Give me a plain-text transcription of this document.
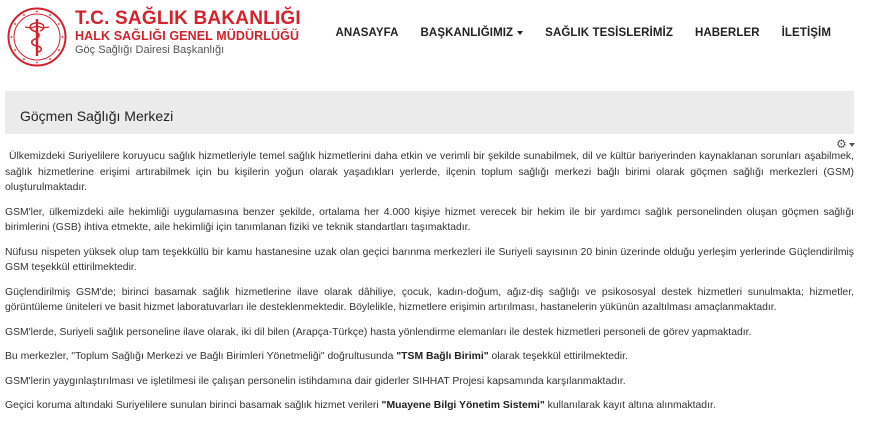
T.C. SAĞLIK BAKANLIĞI
HALK SAĞLIĞI GENEL MÜDÜRLÜĞÜ
Göç Sağlığı Dairesi Başkanlığı
ANASAYFA	BAŞKANLIĞIMIZ	SAĞLIK TESİSLERİMİZ	HABERLER	İLETİŞİM
Göçmen Sağlığı Merkezi
⚙

Ülkemizdeki Suriyelilere koruyucu sağlık hizmetleriyle temel sağlık hizmetlerini daha etkin ve verimli bir şekilde sunabilmek, dil ve kültür bariyerinden kaynaklanan sorunları aşabilmek, sağlık hizmetlerine erişimi artırabilmek için bu kişilerin yoğun olarak yaşadıkları yerlerde, ilçenin toplum sağlığı merkezi bağlı birimi olarak göçmen sağlığı merkezleri (GSM) oluşturulmaktadır.

GSM'ler, ülkemizdeki aile hekimliği uygulamasına benzer şekilde, ortalama her 4.000 kişiye hizmet verecek bir hekim ile bir yardımcı sağlık personelinden oluşan göçmen sağlığı birimlerini (GSB) ihtiva etmekte, aile hekimliği için tanımlanan fiziki ve teknik standartları taşımaktadır.

Nüfusu nispeten yüksek olup tam teşekküllü bir kamu hastanesine uzak olan geçici barınma merkezleri ile Suriyeli sayısının 20 binin üzerinde olduğu yerleşim yerlerinde Güçlendirilmiş GSM teşekkül ettirilmektedir.

Güçlendirilmiş GSM'de; birinci basamak sağlık hizmetlerine ilave olarak dâhiliye, çocuk, kadın-doğum, ağız-diş sağlığı ve psikososyal destek hizmetleri sunulmakta; hizmetler, görüntüleme üniteleri ve basit hizmet laboratuvarları ile desteklenmektedir. Böylelikle, hizmetlere erişimin artırılması, hastanelerin yükünün azaltılması amaçlanmaktadır.

GSM'lerde, Suriyeli sağlık personeline ilave olarak, iki dil bilen (Arapça-Türkçe) hasta yönlendirme elemanları ile destek hizmetleri personeli de görev yapmaktadır.

Bu merkezler, "Toplum Sağlığı Merkezi ve Bağlı Birimleri Yönetmeliği" doğrultusunda "TSM Bağlı Birimi" olarak teşekkül ettirilmektedir.

GSM'lerin yaygınlaştırılması ve işletilmesi ile çalışan personelin istihdamına dair giderler SIHHAT Projesi kapsamında karşılanmaktadır.

Geçici koruma altındaki Suriyelilere sunulan birinci basamak sağlık hizmet verileri "Muayene Bilgi Yönetim Sistemi" kullanılarak kayıt altına alınmaktadır.
